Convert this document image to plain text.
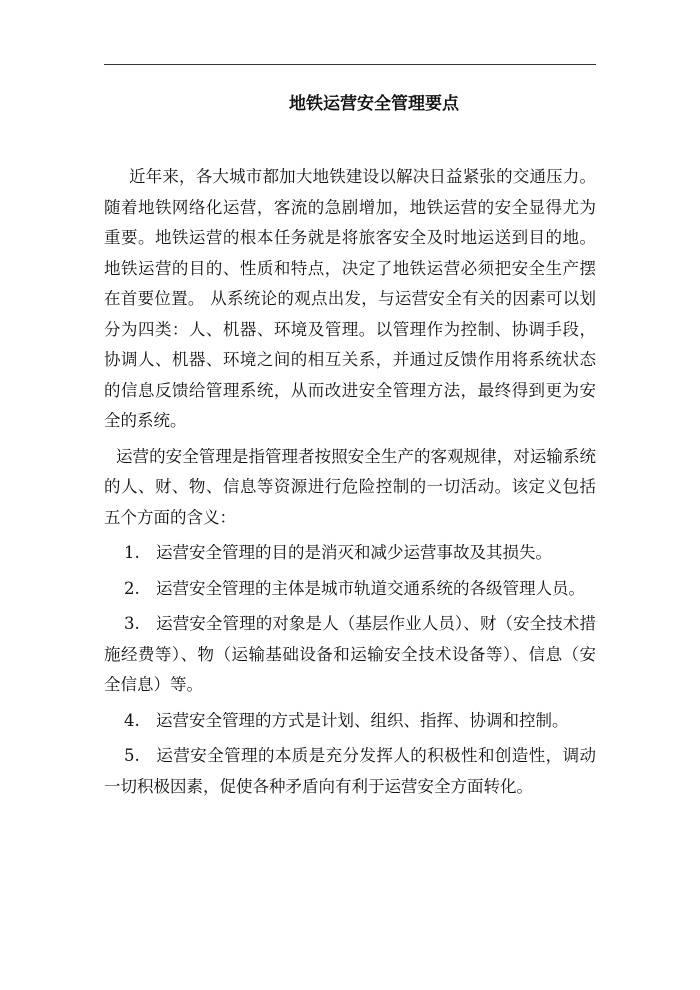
地铁运营安全管理要点

近年来，各大城市都加大地铁建设以解决日益紧张的交通压力。随着地铁网络化运营，客流的急剧增加，地铁运营的安全显得尤为重要。地铁运营的根本任务就是将旅客安全及时地运送到目的地。地铁运营的目的、性质和特点，决定了地铁运营必须把安全生产摆在首要位置。 从系统论的观点出发，与运营安全有关的因素可以划分为四类：人、机器、环境及管理。以管理作为控制、协调手段，协调人、机器、环境之间的相互关系，并通过反馈作用将系统状态的信息反馈给管理系统，从而改进安全管理方法，最终得到更为安全的系统。

运营的安全管理是指管理者按照安全生产的客观规律，对运输系统的人、财、物、信息等资源进行危险控制的一切活动。该定义包括五个方面的含义：

1. 运营安全管理的目的是消灭和减少运营事故及其损失。

2. 运营安全管理的主体是城市轨道交通系统的各级管理人员。

3. 运营安全管理的对象是人（基层作业人员）、财（安全技术措施经费等）、物（运输基础设备和运输安全技术设备等）、信息（安全信息）等。

4. 运营安全管理的方式是计划、组织、指挥、协调和控制。

5. 运营安全管理的本质是充分发挥人的积极性和创造性，调动一切积极因素，促使各种矛盾向有利于运营安全方面转化。
